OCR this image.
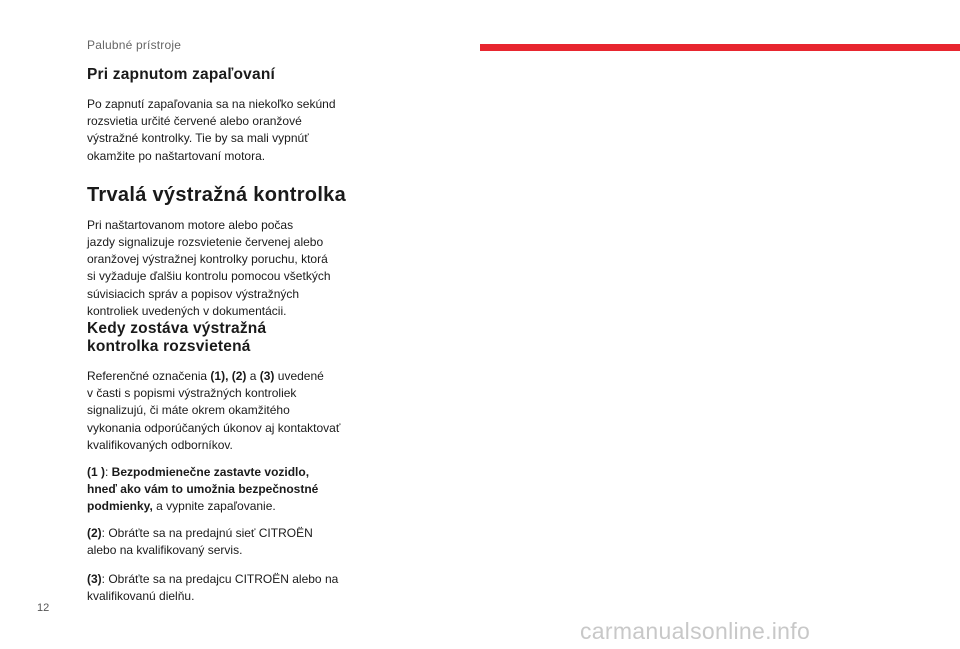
Palubné prístroje
Pri zapnutom zapaľovaní

Po zapnutí zapaľovania sa na niekoľko sekúnd
rozsvietia určité červené alebo oranžové
výstražné kontrolky. Tie by sa mali vypnúť
okamžite po naštartovaní motora.

Trvalá výstražná kontrolka

Pri naštartovanom motore alebo počas
jazdy signalizuje rozsvietenie červenej alebo
oranžovej výstražnej kontrolky poruchu, ktorá
si vyžaduje ďalšiu kontrolu pomocou všetkých
súvisiacich správ a popisov výstražných
kontroliek uvedených v dokumentácii.

Kedy zostáva výstražná
kontrolka rozsvietená

Referenčné označenia (1), (2) a (3) uvedené
v časti s popismi výstražných kontroliek
signalizujú, či máte okrem okamžitého
vykonania odporúčaných úkonov aj kontaktovať
kvalifikovaných odborníkov.

(1 ): Bezpodmienečne zastavte vozidlo,
hneď ako vám to umožnia bezpečnostné
podmienky, a vypnite zapaľovanie.

(2): Obráťte sa na predajnú sieť CITROËN
alebo na kvalifikovaný servis.

(3): Obráťte sa na predajcu CITROËN alebo na
kvalifikovanú dielňu.

12
carmanualsonline.info
